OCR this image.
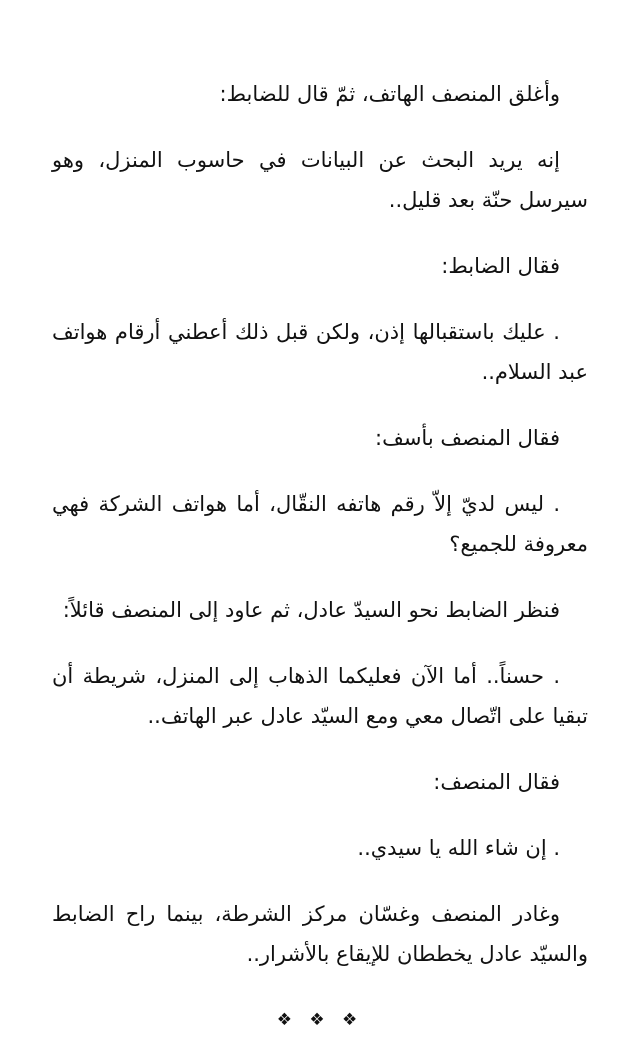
وأغلق المنصف الهاتف، ثمّ قال للضابط:

إنه يريد البحث عن البيانات في حاسوب المنزل، وهو سيرسل حنّة بعد قليل..

فقال الضابط:

. عليك باستقبالها إذن، ولكن قبل ذلك أعطني أرقام هواتف عبد السلام..

فقال المنصف بأسف:

. ليس لديّ إلاّ رقم هاتفه النقّال، أما هواتف الشركة فهي معروفة للجميع؟

فنظر الضابط نحو السيدّ عادل، ثم عاود إلى المنصف قائلاً:

. حسناً.. أما الآن فعليكما الذهاب إلى المنزل، شريطة أن تبقيا على اتّصال معي ومع السيّد عادل عبر الهاتف..

فقال المنصف:

. إن شاء الله يا سيدي..

وغادر المنصف وغسّان مركز الشرطة، بينما راح الضابط والسيّد عادل يخططان للإيقاع بالأشرار..

❖ ❖ ❖
